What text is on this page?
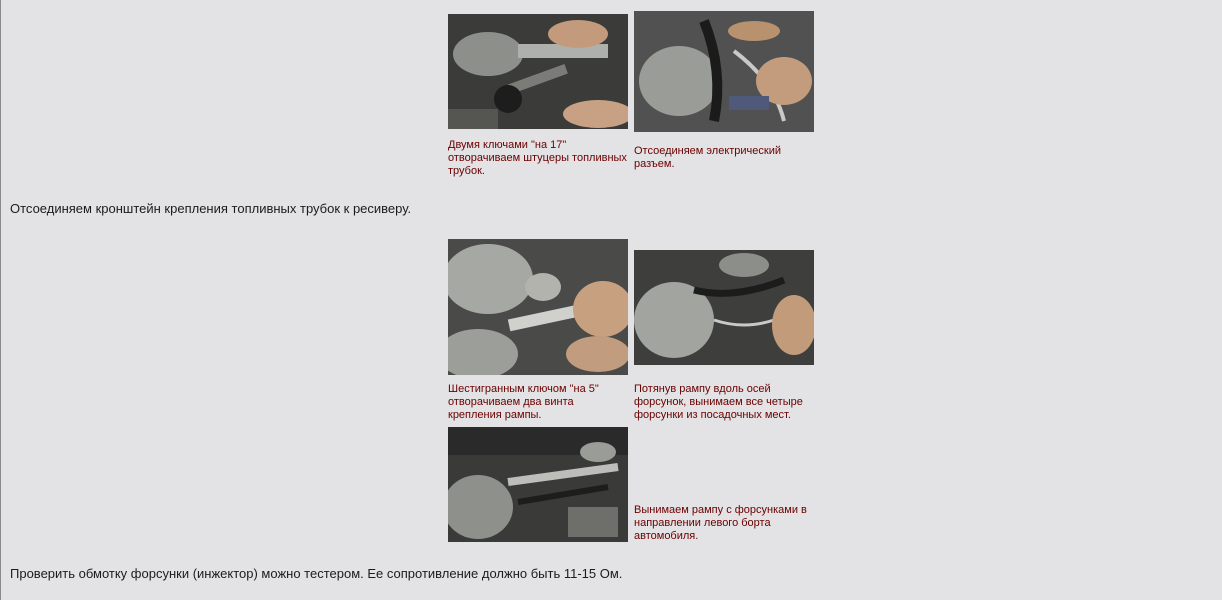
Двумя ключами "на 17"
отворачиваем штуцеры топливных
трубок.
Отсоединяем электрический
разъем.
Отсоединяем кронштейн крепления топливных трубок к ресиверу.
Шестигранным ключом "на 5"
отворачиваем два винта
крепления рампы.
Потянув рампу вдоль осей
форсунок, вынимаем все четыре
форсунки из посадочных мест.
Вынимаем рампу с форсунками в
направлении левого борта
автомобиля.
Проверить обмотку форсунки (инжектор) можно тестером. Ее сопротивление должно быть 11-15 Ом.
